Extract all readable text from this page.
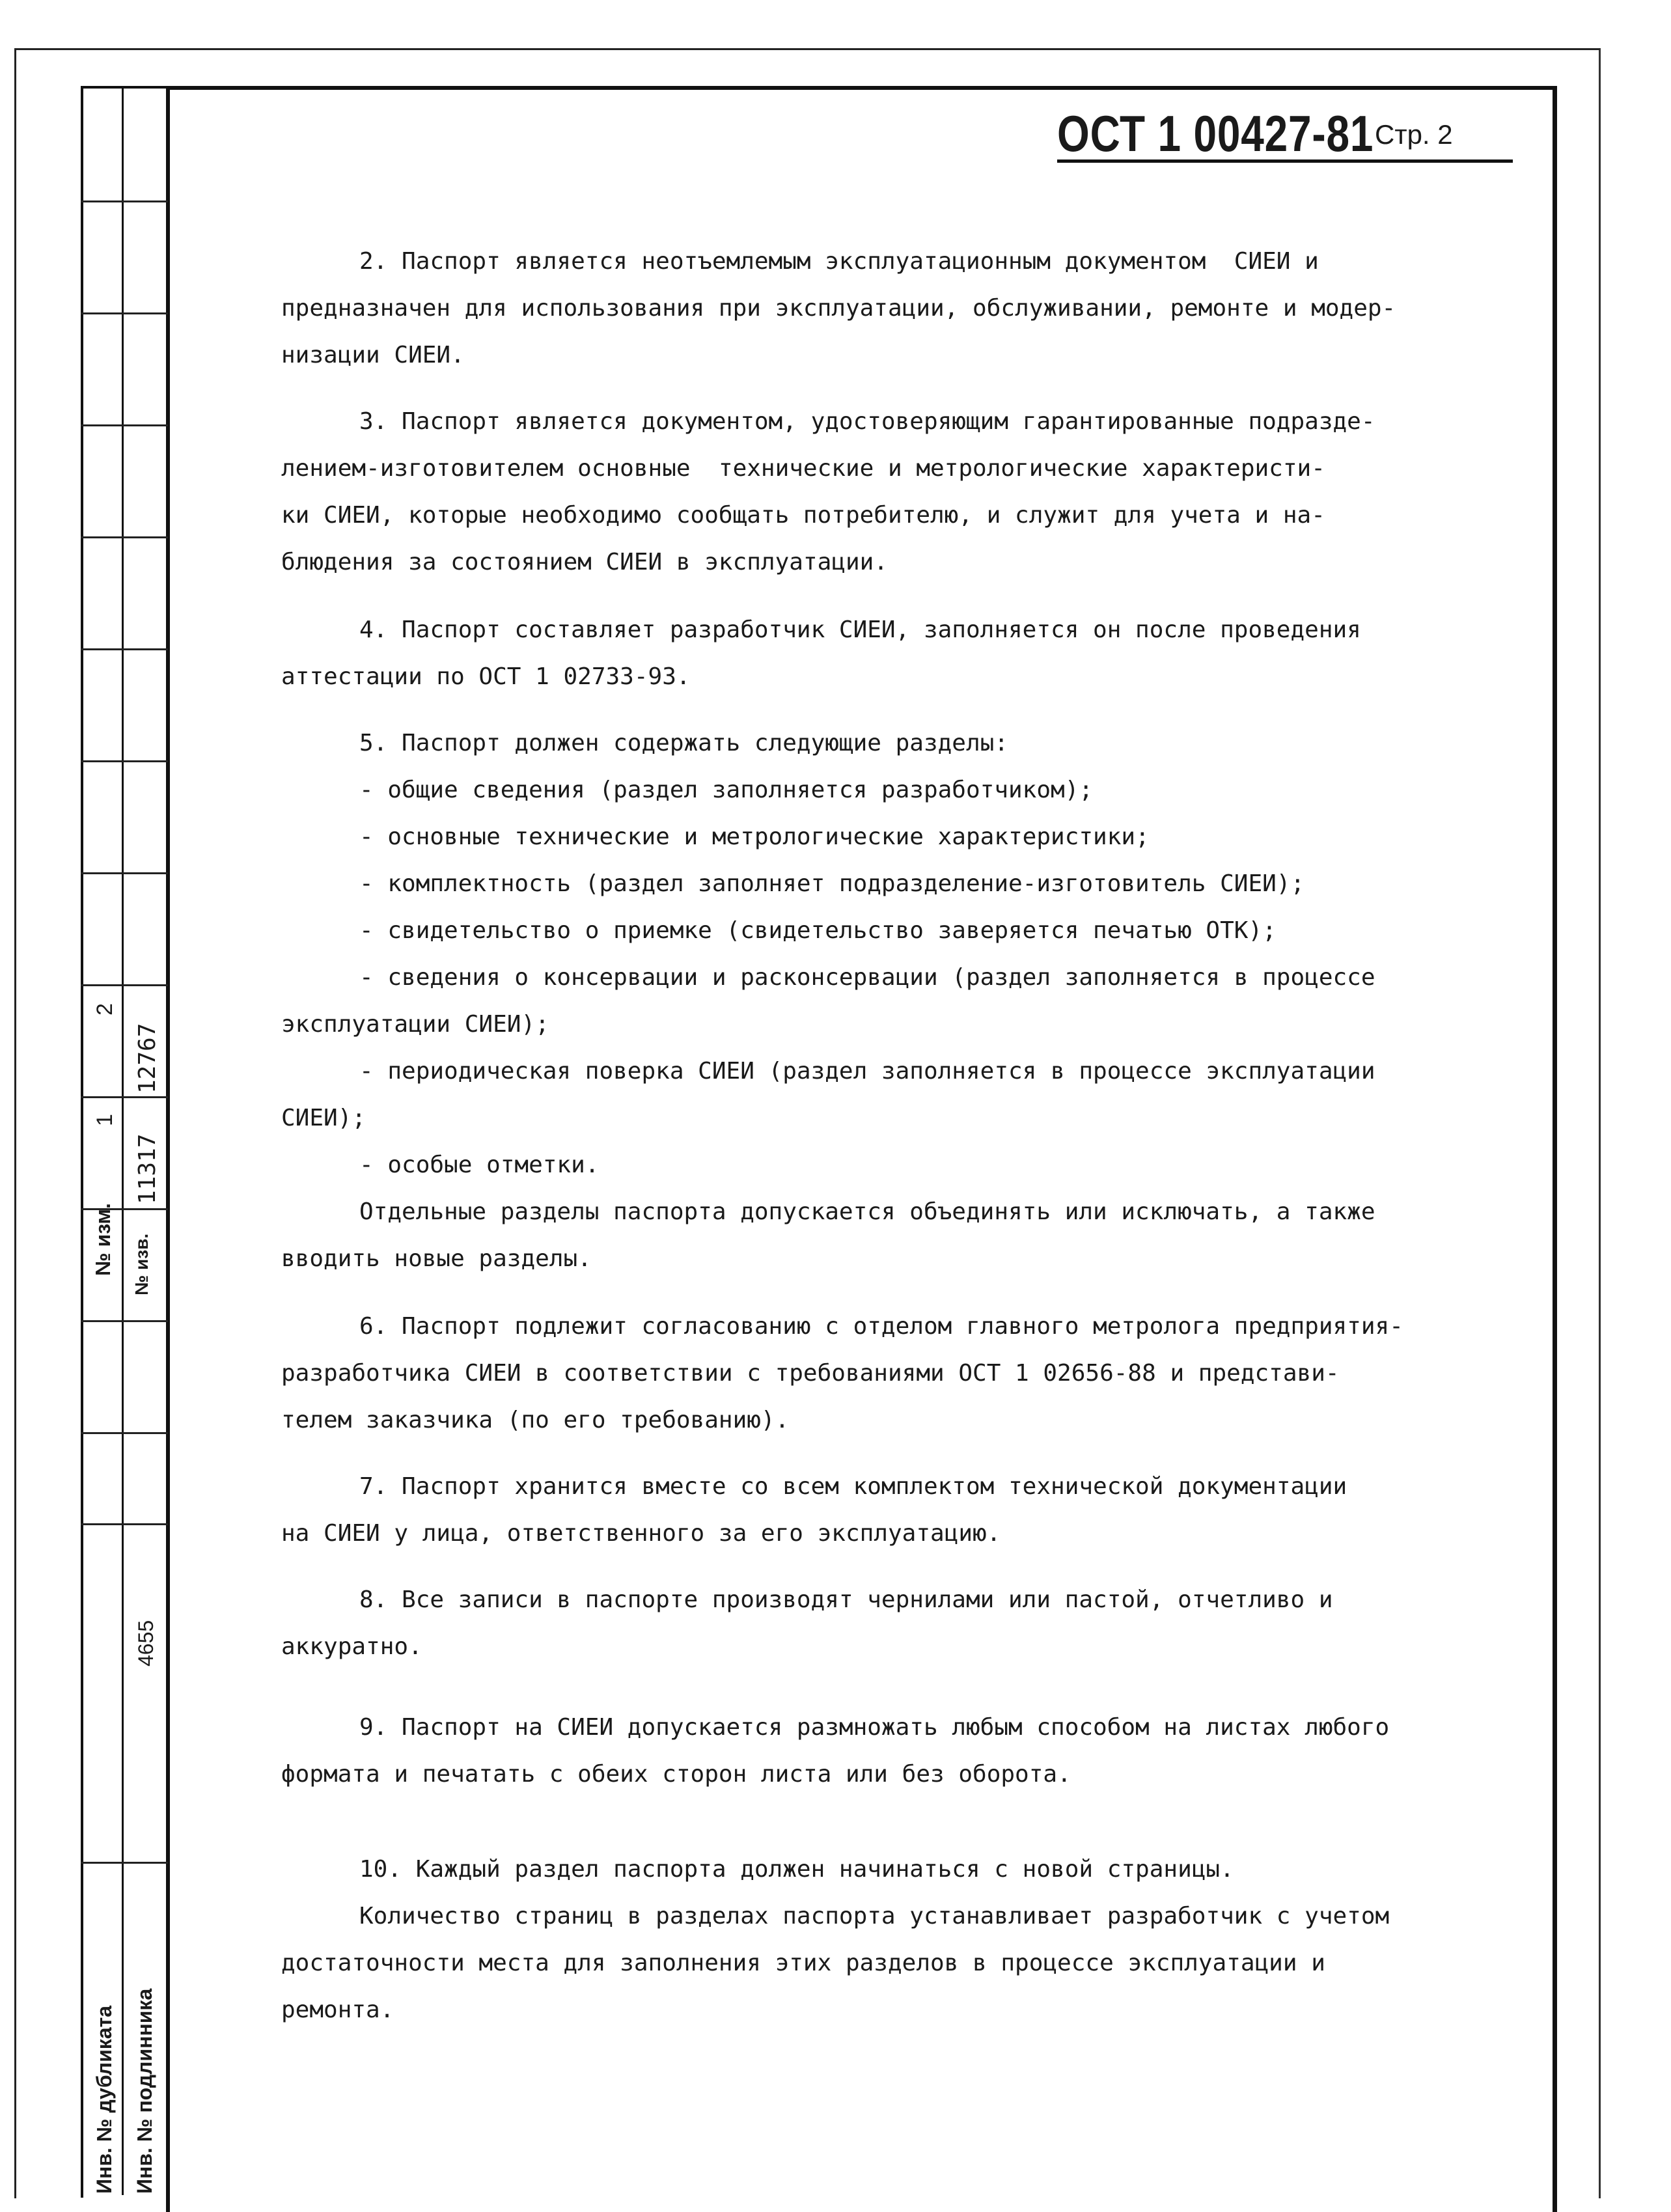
№ изм.
1
2
№ изв.
11317
12767
4655
Инв. № дубликата Инв. № подлинника
ОСТ 1 00427-81 Стр. 2
2. Паспорт является неотъемлемым эксплуатационным документом  СИЕИ и
предназначен для использования при эксплуатации, обслуживании, ремонте и модер-
низации СИЕИ.
3. Паспорт является документом, удостоверяющим гарантированные подразде-
лением-изготовителем основные  технические и метрологические характеристи-
ки СИЕИ, которые необходимо сообщать потребителю, и служит для учета и на-
блюдения за состоянием СИЕИ в эксплуатации.
4. Паспорт составляет разработчик СИЕИ, заполняется он после проведения
аттестации по ОСТ 1 02733-93.
5. Паспорт должен содержать следующие разделы:
- общие сведения (раздел заполняется разработчиком);
- основные технические и метрологические характеристики;
- комплектность (раздел заполняет подразделение-изготовитель СИЕИ);
- свидетельство о приемке (свидетельство заверяется печатью ОТК);
- сведения о консервации и расконсервации (раздел заполняется в процессе
эксплуатации СИЕИ);
- периодическая поверка СИЕИ (раздел заполняется в процессе эксплуатации
СИЕИ);
- особые отметки.
Отдельные разделы паспорта допускается объединять или исключать, а также
вводить новые разделы.
6. Паспорт подлежит согласованию с отделом главного метролога предприятия-
разработчика СИЕИ в соответствии с требованиями ОСТ 1 02656-88 и представи-
телем заказчика (по его требованию).
7. Паспорт хранится вместе со всем комплектом технической документации
на СИЕИ у лица, ответственного за его эксплуатацию.
8. Все записи в паспорте производят чернилами или пастой, отчетливо и
аккуратно.
9. Паспорт на СИЕИ допускается размножать любым способом на листах любого
формата и печатать с обеих сторон листа или без оборота.
10. Каждый раздел паспорта должен начинаться с новой страницы.
Количество страниц в разделах паспорта устанавливает разработчик с учетом
достаточности места для заполнения этих разделов в процессе эксплуатации и
ремонта.
